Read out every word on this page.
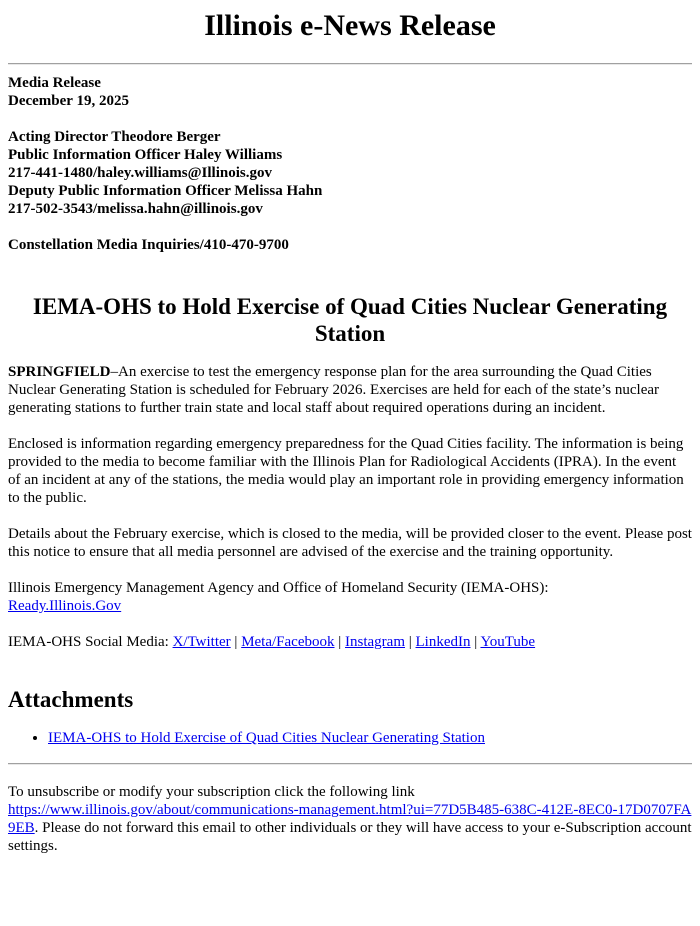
Illinois e-News Release
Media Release
December 19, 2025
Acting Director Theodore Berger
Public Information Officer Haley Williams
217-441-1480/haley.williams@Illinois.gov
Deputy Public Information Officer Melissa Hahn
217-502-3543/melissa.hahn@illinois.gov
Constellation Media Inquiries/410-470-9700
IEMA-OHS to Hold Exercise of Quad Cities Nuclear Generating Station

SPRINGFIELD–An exercise to test the emergency response plan for the area surrounding the Quad Cities Nuclear Generating Station is scheduled for February 2026. Exercises are held for each of the state’s nuclear generating stations to further train state and local staff about required operations during an incident.

Enclosed is information regarding emergency preparedness for the Quad Cities facility. The information is being provided to the media to become familiar with the Illinois Plan for Radiological Accidents (IPRA). In the event of an incident at any of the stations, the media would play an important role in providing emergency information to the public.

Details about the February exercise, which is closed to the media, will be provided closer to the event. Please post this notice to ensure that all media personnel are advised of the exercise and the training opportunity.

Illinois Emergency Management Agency and Office of Homeland Security (IEMA-OHS):
Ready.Illinois.Gov

IEMA-OHS Social Media: X/Twitter | Meta/Facebook | Instagram | LinkedIn | YouTube

Attachments
• IEMA-OHS to Hold Exercise of Quad Cities Nuclear Generating Station
To unsubscribe or modify your subscription click the following link
https://www.illinois.gov/about/communications-management.html?ui=77D5B485-638C-412E-8EC0-17D0707FA9EB. Please do not forward this email to other individuals or they will have access to your e-Subscription account settings.
